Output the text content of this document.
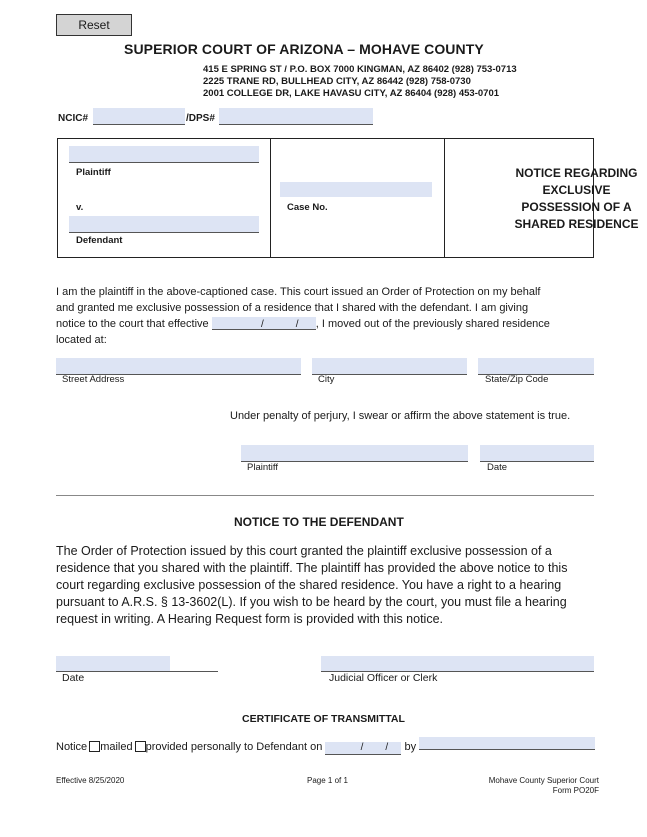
Reset
SUPERIOR COURT OF ARIZONA – MOHAVE COUNTY
415 E SPRING ST / P.O. BOX 7000 KINGMAN, AZ 86402 (928) 753-0713
2225 TRANE RD, BULLHEAD CITY, AZ 86442 (928) 758-0730
2001 COLLEGE DR, LAKE HAVASU CITY, AZ 86404 (928) 453-0701
NCIC#	/DPS#
Plaintiff
v.
Defendant
Case No.
NOTICE REGARDING
EXCLUSIVE
POSSESSION OF A
SHARED RESIDENCE
I am the plaintiff in the above-captioned case. This court issued an Order of Protection on my behalf
and granted me exclusive possession of a residence that I shared with the defendant. I am giving
notice to the court that effective	/	/ , I moved out of the previously shared residence
located at:
Street Address	City	State/Zip Code
Under penalty of perjury, I swear or affirm the above statement is true.
Plaintiff	Date
NOTICE TO THE DEFENDANT
The Order of Protection issued by this court granted the plaintiff exclusive possession of a
residence that you shared with the plaintiff. The plaintiff has provided the above notice to this
court regarding exclusive possession of the shared residence. You have a right to a hearing
pursuant to A.R.S. § 13-3602(L). If you wish to be heard by the court, you must file a hearing
request in writing. A Hearing Request form is provided with this notice.
Date	Judicial Officer or Clerk
CERTIFICATE OF TRANSMITTAL
Notice mailed provided personally to Defendant on	/ / by
Effective 8/25/2020	Page 1 of 1	Mohave County Superior Court
Form PO20F
